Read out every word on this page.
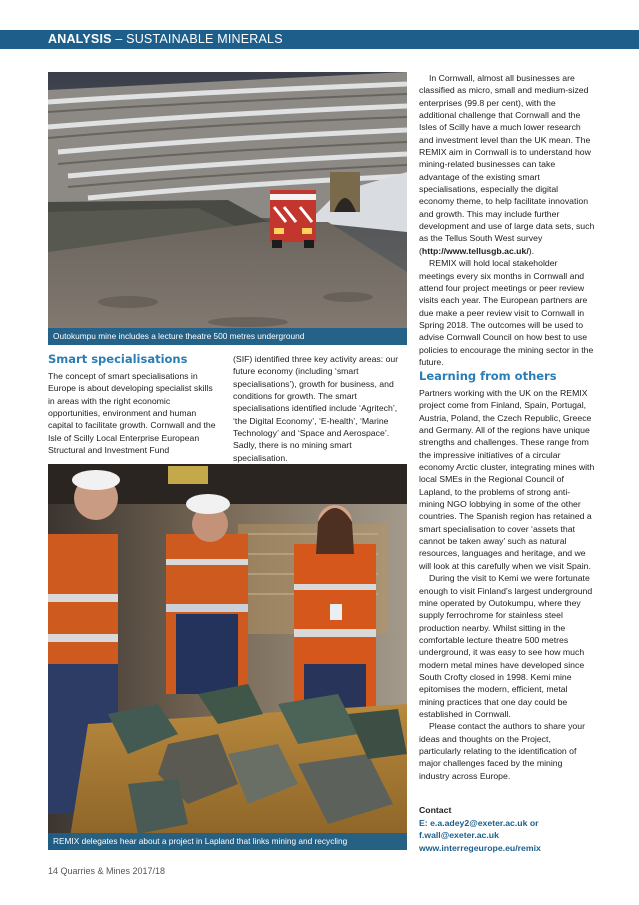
ANALYSIS – SUSTAINABLE MINERALS
Outokumpu mine includes a lecture theatre 500 metres underground
Smart specialisations

The concept of smart specialisations in Europe is about developing specialist skills in areas with the right economic opportunities, environment and human capital to facilitate growth. Cornwall and the Isle of Scilly Local Enterprise European Structural and Investment Fund

(SIF) identified three key activity areas: our future economy (including ‘smart specialisations’), growth for business, and conditions for growth. The smart specialisations identified include ‘Agritech’, ‘the Digital Economy’, ‘E-health’, ‘Marine Technology’ and ‘Space and Aerospace’. Sadly, there is no mining smart specialisation.

REMIX delegates hear about a project in Lapland that links mining and recycling

In Cornwall, almost all businesses are classified as micro, small and medium-sized enterprises (99.8 per cent), with the additional challenge that Cornwall and the Isles of Scilly have a much lower research and investment level than the UK mean. The REMIX aim in Cornwall is to understand how mining-related businesses can take advantage of the existing smart specialisations, especially the digital economy theme, to help facilitate innovation and growth. This may include further development and use of large data sets, such as the Tellus South West survey (http://www.tellusgb.ac.uk/).

REMIX will hold local stakeholder meetings every six months in Cornwall and attend four project meetings or peer review visits each year. The European partners are due make a peer review visit to Cornwall in Spring 2018. The outcomes will be used to advise Cornwall Council on how best to use policies to encourage the mining sector in the future.

Learning from others

Partners working with the UK on the REMIX project come from Finland, Spain, Portugal, Austria, Poland, the Czech Republic, Greece and Germany. All of the regions have unique strengths and challenges. These range from the impressive initiatives of a circular economy Arctic cluster, integrating mines with local SMEs in the Regional Council of Lapland, to the problems of strong anti-mining NGO lobbying in some of the other countries. The Spanish region has retained a smart specialisation to cover ‘assets that cannot be taken away’ such as natural resources, languages and heritage, and we will look at this carefully when we visit Spain.

During the visit to Kemi we were fortunate enough to visit Finland’s largest underground mine operated by Outokumpu, where they supply ferrochrome for stainless steel production nearby. Whilst sitting in the comfortable lecture theatre 500 metres underground, it was easy to see how much modern metal mines have developed since South Crofty closed in 1998. Kemi mine epitomises the modern, efficient, metal mining practices that one day could be established in Cornwall.

Please contact the authors to share your ideas and thoughts on the Project, particularly relating to the identification of major challenges faced by the mining industry across Europe.

Contact
E: e.a.adey2@exeter.ac.uk or
f.wall@exeter.ac.uk
www.interregeurope.eu/remix
14 Quarries & Mines 2017/18
